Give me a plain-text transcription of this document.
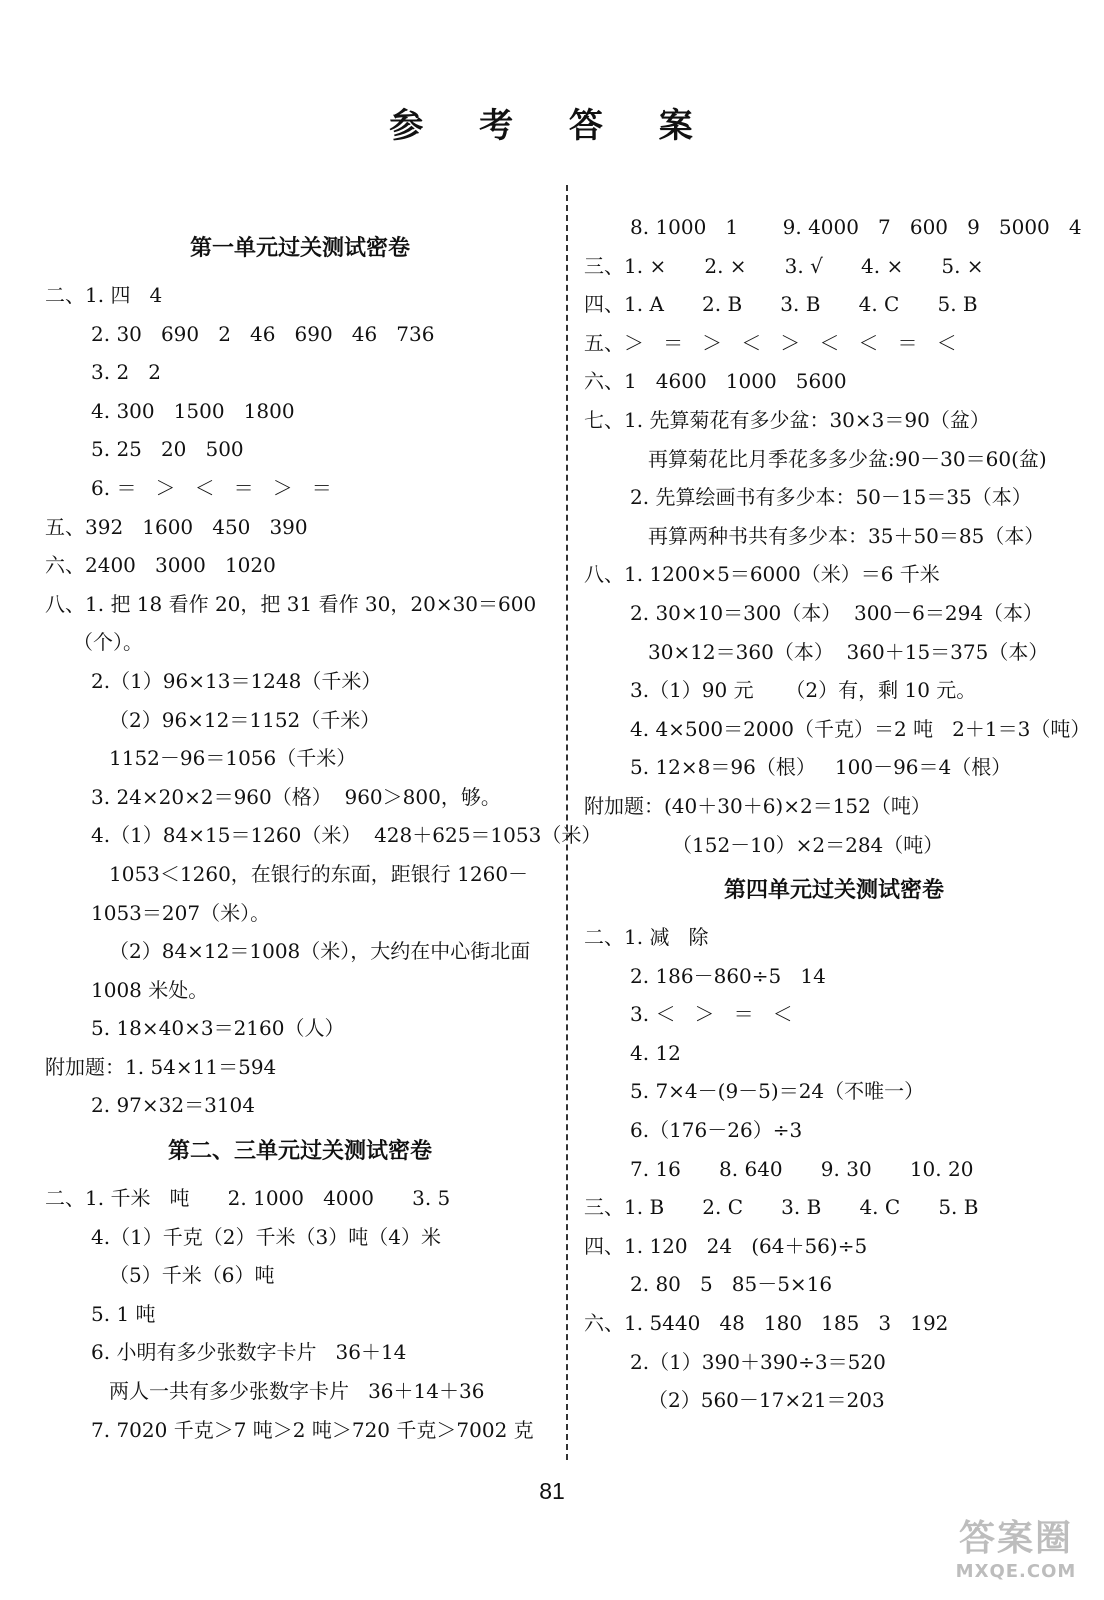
参 考 答 案
第一单元过关测试密卷
二、1. 四   4
2. 30   690   2   46   690   46   736
3. 2   2
4. 300   1500   1800
5. 25   20   500
6. ＝   ＞   ＜   ＝   ＞   ＝
五、392   1600   450   390
六、2400   3000   1020
八、1. 把 18 看作 20，把 31 看作 30，20×30＝600
（个）。
2.（1）96×13＝1248（千米）
（2）96×12＝1152（千米）
1152－96＝1056（千米）
3. 24×20×2＝960（格）  960＞800，够。
4.（1）84×15＝1260（米）  428＋625＝1053（米）
1053＜1260，在银行的东面，距银行 1260－
1053＝207（米）。
（2）84×12＝1008（米），大约在中心街北面
1008 米处。
5. 18×40×3＝2160（人）
附加题：1. 54×11＝594
2. 97×32＝3104
第二、三单元过关测试密卷
二、1. 千米   吨      2. 1000   4000      3. 5
4.（1）千克（2）千米（3）吨（4）米
（5）千米（6）吨
5. 1 吨
6. 小明有多少张数字卡片   36＋14
两人一共有多少张数字卡片   36＋14＋36
7. 7020 千克＞7 吨＞2 吨＞720 千克＞7002 克
8. 1000   1       9. 4000   7   600   9   5000   4
三、1. ×      2. ×      3. √      4. ×      5. ×
四、1. A      2. B      3. B      4. C      5. B
五、＞   ＝   ＞   ＜   ＞   ＜   ＜   ＝   ＜
六、1   4600   1000   5600
七、1. 先算菊花有多少盆：30×3＝90（盆）
再算菊花比月季花多多少盆:90－30＝60(盆)
2. 先算绘画书有多少本：50－15＝35（本）
再算两种书共有多少本：35＋50＝85（本）
八、1. 1200×5＝6000（米）＝6 千米
2. 30×10＝300（本）  300－6＝294（本）
30×12＝360（本）  360＋15＝375（本）
3.（1）90 元     （2）有，剩 10 元。
4. 4×500＝2000（千克）＝2 吨   2＋1＝3（吨）
5. 12×8＝96（根）   100－96＝4（根）
附加题：(40＋30＋6)×2＝152（吨）
（152－10）×2＝284（吨）
第四单元过关测试密卷
二、1. 减   除
2. 186－860÷5   14
3. ＜   ＞   ＝   ＜
4. 12
5. 7×4－(9－5)＝24（不唯一）
6.（176－26）÷3
7. 16      8. 640      9. 30      10. 20
三、1. B      2. C      3. B      4. C      5. B
四、1. 120   24   (64＋56)÷5
2. 80   5   85－5×16
六、1. 5440   48   180   185   3   192
2.（1）390＋390÷3＝520
（2）560－17×21＝203
81
答案圈
MXQE.COM
